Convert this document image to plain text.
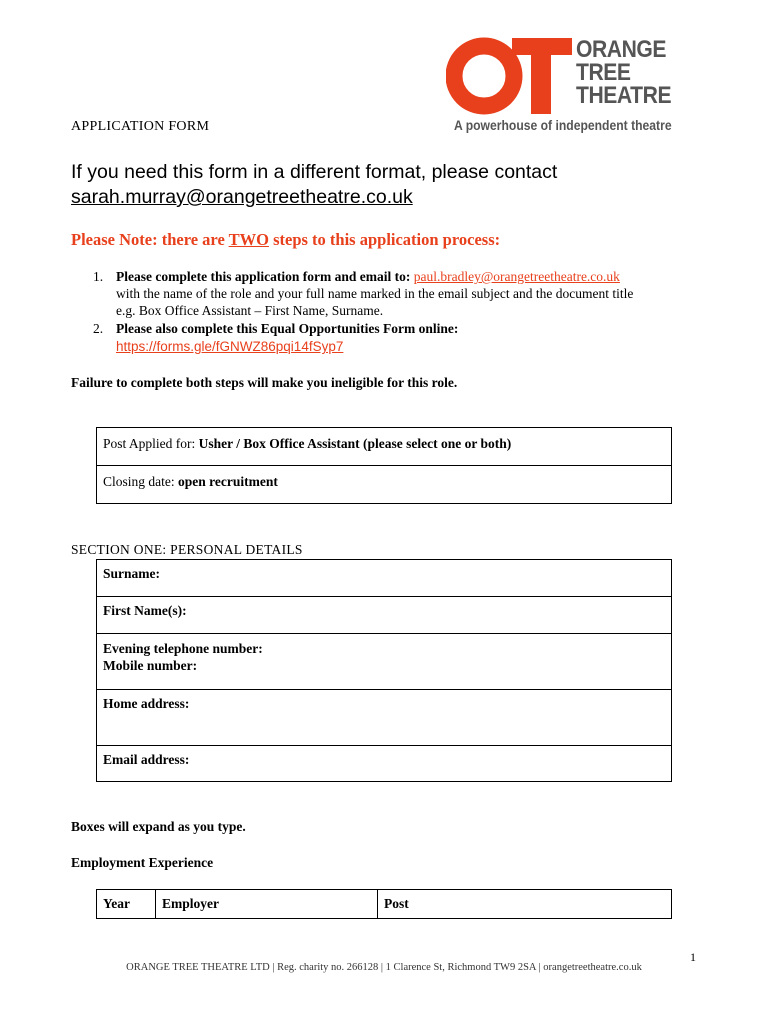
ORANGE
TREE
THEATRE
A powerhouse of independent theatre
APPLICATION FORM
If you need this form in a different format, please contact
sarah.murray@orangetreetheatre.co.uk
Please Note: there are TWO steps to this application process:
1. Please complete this application form and email to: paul.bradley@orangetreetheatre.co.uk
with the name of the role and your full name marked in the email subject and the document title
e.g. Box Office Assistant – First Name, Surname.
2. Please also complete this Equal Opportunities Form online:
https://forms.gle/fGNWZ86pqi14fSyp7
Failure to complete both steps will make you ineligible for this role.
Post Applied for: Usher / Box Office Assistant (please select one or both)
Closing date: open recruitment
SECTION ONE: PERSONAL DETAILS
Surname:
First Name(s):

Evening telephone number:
Mobile number:

Home address:
Email address:
Boxes will expand as you type.
Employment Experience
Year	Employer	Post
1
ORANGE TREE THEATRE LTD | Reg. charity no. 266128 | 1 Clarence St, Richmond TW9 2SA | orangetreetheatre.co.uk
